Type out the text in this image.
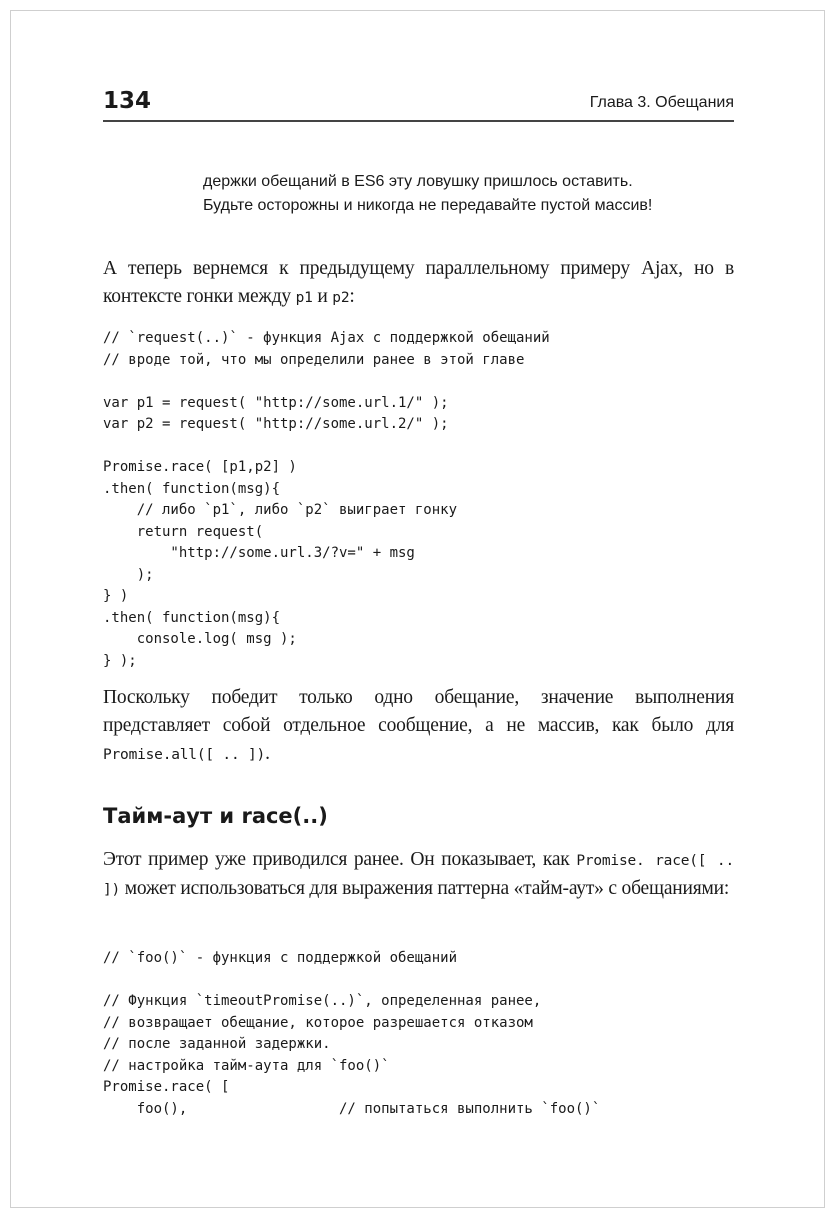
134	Глава 3. Обещания
держки обещаний в ES6 эту ловушку пришлось оставить.
Будьте осторожны и никогда не передавайте пустой массив!

А теперь вернемся к предыдущему параллельному примеру Ajax, но в контексте гонки между p1 и p2:

// `request(..)` - функция Ajax с поддержкой обещаний
// вроде той, что мы определили ранее в этой главе

var p1 = request( "http://some.url.1/" );
var p2 = request( "http://some.url.2/" );

Promise.race( [p1,p2] )
.then( function(msg){
// либо `p1`, либо `p2` выиграет гонку
return request(
"http://some.url.3/?v=" + msg
);
} )
.then( function(msg){
console.log( msg );
} );

Поскольку победит только одно обещание, значение выполнения представляет собой отдельное сообщение, а не массив, как было для Promise.all([ .. ]).

Тайм-аут и race(..)

Этот пример уже приводился ранее. Он показывает, как Promise. race([ .. ]) может использоваться для выражения паттерна «тайм-аут» с обещаниями:

// `foo()` - функция с поддержкой обещаний

// Функция `timeoutPromise(..)`, определенная ранее,
// возвращает обещание, которое разрешается отказом
// после заданной задержки.
// настройка тайм-аута для `foo()`
Promise.race( [
foo(),                  // попытаться выполнить `foo()`
